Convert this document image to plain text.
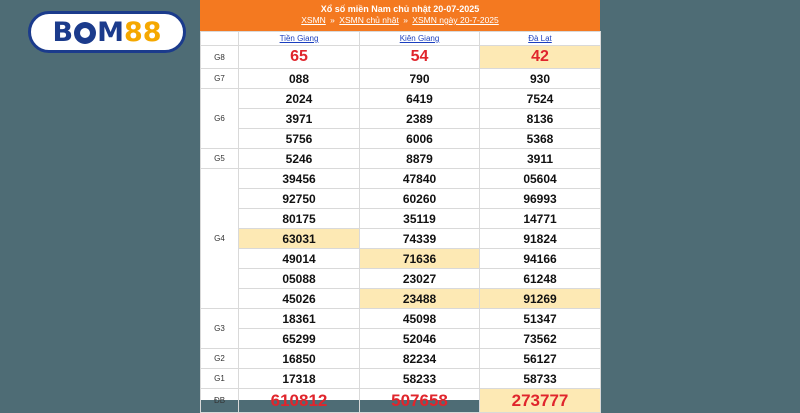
B M 88
Xổ số miền Nam chủ nhật 20-07-2025
XSMN » XSMN chủ nhật » XSMN ngày 20-7-2025
	Tiền Giang	Kiên Giang	Đà Lạt
G8	65	54	42
G7	088	790	930
G6	2024	6419	7524
	3971	2389	8136
	5756	6006	5368
G5	5246	8879	3911
G4	39456	47840	05604
	92750	60260	96993
	80175	35119	14771
	63031	74339	91824
	49014	71636	94166
	05088	23027	61248
	45026	23488	91269
G3	18361	45098	51347
	65299	52046	73562
G2	16850	82234	56127
G1	17318	58233	58733
ĐB	610812	507658	273777
